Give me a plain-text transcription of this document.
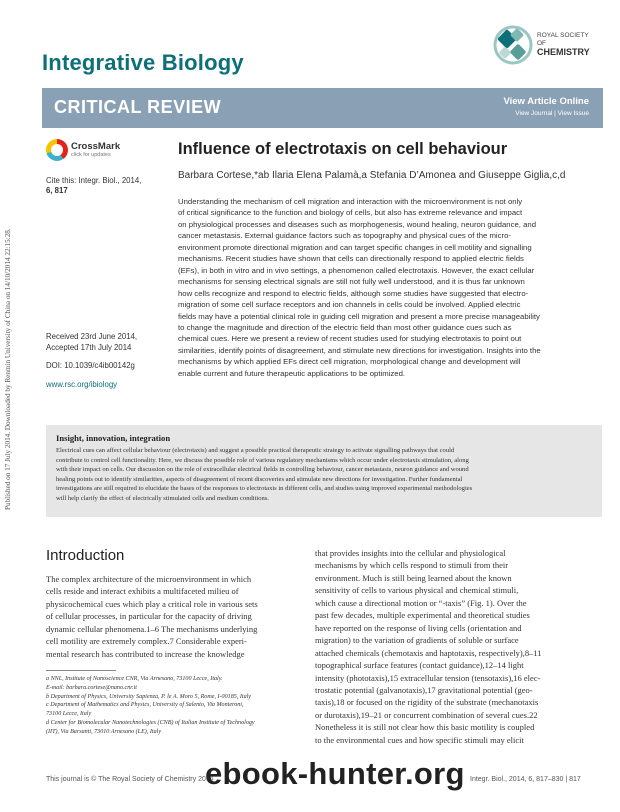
Published on 17 July 2014. Downloaded by Renmin University of China on 14/10/2014 22:15:28.
Integrative Biology
ROYAL SOCIETY
OF
CHEMISTRY
CRITICAL REVIEW	View Article Online
View Journal | View Issue
CrossMark
click for updates
Cite this: Integr. Biol., 2014,
6, 817
Received 23rd June 2014,
Accepted 17th July 2014
DOI: 10.1039/c4ib00142g
www.rsc.org/ibiology
Influence of electrotaxis on cell behaviour
Barbara Cortese,*ab Ilaria Elena Palamà,a Stefania D’Amonea and Giuseppe Giglia,c,d
Understanding the mechanism of cell migration and interaction with the microenvironment is not only
of critical significance to the function and biology of cells, but also has extreme relevance and impact
on physiological processes and diseases such as morphogenesis, wound healing, neuron guidance, and
cancer metastasis. External guidance factors such as topography and physical cues of the micro-
environment promote directional migration and can target specific changes in cell motility and signalling
mechanisms. Recent studies have shown that cells can directionally respond to applied electric fields
(EFs), in both in vitro and in vivo settings, a phenomenon called electrotaxis. However, the exact cellular
mechanisms for sensing electrical signals are still not fully well understood, and it is thus far unknown
how cells recognize and respond to electric fields, although some studies have suggested that electro-
migration of some cell surface receptors and ion channels in cells could be involved. Applied electric
fields may have a potential clinical role in guiding cell migration and present a more precise manageability
to change the magnitude and direction of the electric field than most other guidance cues such as
chemical cues. Here we present a review of recent studies used for studying electrotaxis to point out
similarities, identify points of disagreement, and stimulate new directions for investigation. Insights into the
mechanisms by which applied EFs direct cell migration, morphological change and development will
enable current and future therapeutic applications to be optimized.
Insight, innovation, integration
Electrical cues can affect cellular behaviour (electrotaxis) and suggest a possible practical therapeutic strategy to activate signalling pathways that could
contribute to control cell functionality. Here, we discuss the possible role of various regulatory mechanisms which occur under electrotaxis stimulation, along
with their impact on cells. Our discussion on the role of extracellular electrical fields in controlling behaviour, cancer metastasis, neuron guidance and wound
healing points out to identify similarities, aspects of disagreement of recent discoveries and stimulate new directions for investigation. Further fundamental
investigations are still required to elucidate the bases of the responses to electrotaxis in different cells, and studies using improved experimental methodologies
will help clarify the effect of electrically stimulated cells and medium conditions.
Introduction
The complex architecture of the microenvironment in which
cells reside and interact exhibits a multifaceted milieu of
physicochemical cues which play a critical role in various sets
of cellular processes, in particular for the capacity of driving
dynamic cellular phenomena.1–6 The mechanisms underlying
cell motility are extremely complex.7 Considerable experi-
mental research has contributed to increase the knowledge
that provides insights into the cellular and physiological
mechanisms by which cells respond to stimuli from their
environment. Much is still being learned about the known
sensitivity of cells to various physical and chemical stimuli,
which cause a directional motion or “-taxis” (Fig. 1). Over the
past few decades, multiple experimental and theoretical studies
have reported on the response of living cells (orientation and
migration) to the variation of gradients of soluble or surface
attached chemicals (chemotaxis and haptotaxis, respectively),8–11
topographical surface features (contact guidance),12–14 light
intensity (phototaxis),15 extracellular tension (tensotaxis),16 elec-
trostatic potential (galvanotaxis),17 gravitational potential (geo-
taxis),18 or focused on the rigidity of the substrate (mechanotaxis
or durotaxis),19–21 or concurrent combination of several cues.22
Nonetheless it is still not clear how this basic motility is coupled
to the environmental cues and how specific stimuli may elicit
a NNL, Institute of Nanoscience CNR, Via Arnesano, 73100 Lecce, Italy.
E-mail: barbara.cortese@nano.cnr.it
b Department of Physics, University Sapienza, P. le A. Moro 5, Rome, I-00185, Italy
c Department of Mathematics and Physics, University of Salento, Via Monteroni,
73100 Lecce, Italy
d Center for Biomolecular Nanotechnologies (CNB) of Italian Institute of Technology
(IIT), Via Barsanti, 73010 Arnesano (LE), Italy
This journal is © The Royal Society of Chemistry 2014	Integr. Biol., 2014, 6, 817–830 | 817
ebook-hunter.org
